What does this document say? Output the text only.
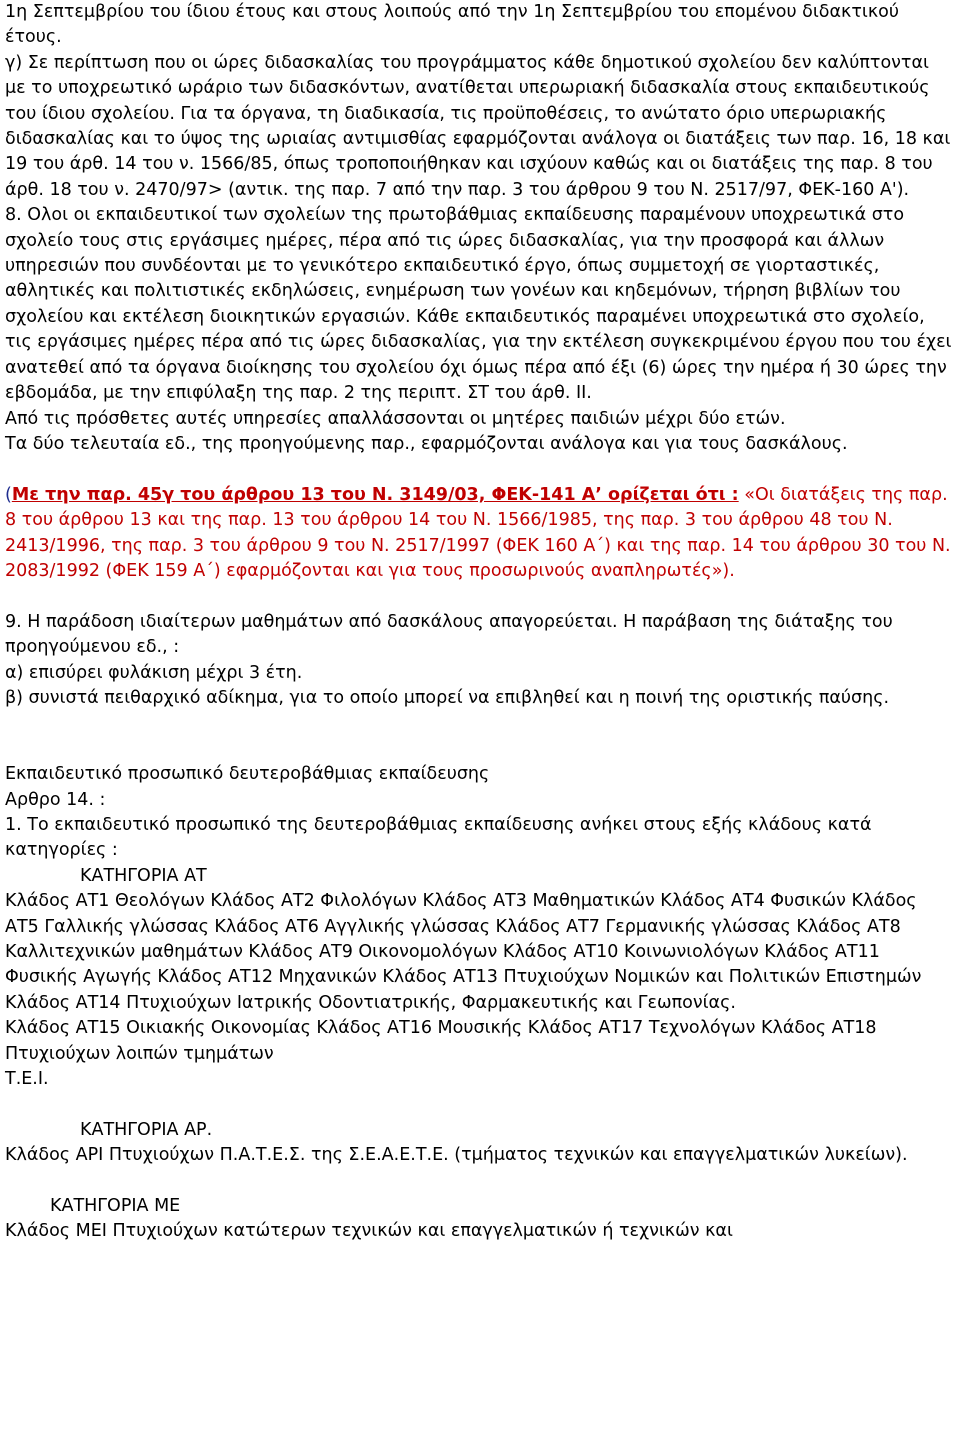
1η Σεπτεμβρίου του ίδιου έτους και στους λοιπούς από την 1η Σεπτεμβρίου του επομένου διδακτικού έτους.

γ) Σε περίπτωση που οι ώρες διδασκαλίας του προγράμματος κάθε δημοτικού σχολείου δεν καλύπτονται με το υποχρεωτικό ωράριο των διδασκόντων, ανατίθεται υπερωριακή διδασκαλία στους εκπαιδευτικούς του ίδιου σχολείου. Για τα όργανα, τη διαδικασία, τις προϋποθέσεις, το ανώτατο όριο υπερωριακής διδασκαλίας και το ύψος της ωριαίας αντιμισθίας εφαρμόζονται ανάλογα οι διατάξεις των παρ. 16, 18 και 19 του άρθ. 14 του ν. 1566/85, όπως τροποποιήθηκαν και ισχύουν καθώς και οι διατάξεις της παρ. 8 του άρθ. 18 του ν. 2470/97> (αντικ. της παρ. 7 από την παρ. 3 του άρθρου 9 του Ν. 2517/97, ΦΕΚ-160 Α').

8. Ολοι οι εκπαιδευτικοί των σχολείων της πρωτοβάθμιας εκπαίδευσης παραμένουν υποχρεωτικά στο σχολείο τους στις εργάσιμες ημέρες, πέρα από τις ώρες διδασκαλίας, για την προσφορά και άλλων υπηρεσιών που συνδέονται με το γενικότερο εκπαιδευτικό έργο, όπως συμμετοχή σε γιορταστικές, αθλητικές και πολιτιστικές εκδηλώσεις, ενημέρωση των γονέων και κηδεμόνων, τήρηση βιβλίων του σχολείου και εκτέλεση διοικητικών εργασιών. Κάθε εκπαιδευτικός παραμένει υποχρεωτικά στο σχολείο, τις εργάσιμες ημέρες πέρα από τις ώρες διδασκαλίας, για την εκτέλεση συγκεκριμένου έργου που του έχει ανατεθεί από τα όργανα διοίκησης του σχολείου όχι όμως πέρα από έξι (6) ώρες την ημέρα ή 30 ώρες την εβδομάδα, με την επιφύλαξη της παρ. 2 της περιπτ. ΣΤ του άρθ. ΙΙ.

Από τις πρόσθετες αυτές υπηρεσίες απαλλάσσονται οι μητέρες παιδιών μέχρι δύο ετών.

Τα δύο τελευταία εδ., της προηγούμενης παρ., εφαρμόζονται ανάλογα και για τους δασκάλους.

(Με την παρ. 45γ του άρθρου 13 του Ν. 3149/03, ΦΕΚ-141 Α’ ορίζεται ότι : «Οι διατάξεις της παρ. 8 του άρθρου 13 και της παρ. 13 του άρθρου 14 του Ν. 1566/1985, της παρ. 3 του άρθρου 48 του Ν. 2413/1996, της παρ. 3 του άρθρου 9 του Ν. 2517/1997 (ΦΕΚ 160 Α΄) και της παρ. 14 του άρθρου 30 του Ν. 2083/1992 (ΦΕΚ 159 Α΄) εφαρμόζονται και για τους προσωρινούς αναπληρωτές»).

9. Η παράδοση ιδιαίτερων μαθημάτων από δασκάλους απαγορεύεται. Η παράβαση της διάταξης του προηγούμενου εδ., :

α) επισύρει φυλάκιση μέχρι 3 έτη.

β) συνιστά πειθαρχικό αδίκημα, για το οποίο μπορεί να επιβληθεί και η ποινή της οριστικής παύσης.

Εκπαιδευτικό προσωπικό δευτεροβάθμιας εκπαίδευσης

Αρθρο 14. :

1. Το εκπαιδευτικό προσωπικό της δευτεροβάθμιας εκπαίδευσης ανήκει στους εξής κλάδους κατά κατηγορίες :

ΚΑΤΗΓΟΡΙΑ ΑΤ

Κλάδος ΑΤ1 Θεολόγων Κλάδος ΑΤ2 Φιλολόγων Κλάδος ΑΤ3 Μαθηματικών Κλάδος ΑΤ4 Φυσικών Κλάδος ΑΤ5 Γαλλικής γλώσσας Κλάδος ΑΤ6 Αγγλικής γλώσσας Κλάδος ΑΤ7 Γερμανικής γλώσσας Κλάδος ΑΤ8 Καλλιτεχνικών μαθημάτων Κλάδος ΑΤ9 Οικονομολόγων Κλάδος ΑΤ10 Κοινωνιολόγων Κλάδος ΑΤ11 Φυσικής Αγωγής Κλάδος ΑΤ12 Μηχανικών Κλάδος ΑΤ13 Πτυχιούχων Νομικών και Πολιτικών Επιστημών Κλάδος ΑΤ14 Πτυχιούχων Ιατρικής Οδοντιατρικής, Φαρμακευτικής και Γεωπονίας.

Κλάδος ΑΤ15 Οικιακής Οικονομίας Κλάδος ΑΤ16 Μουσικής Κλάδος ΑΤ17 Τεχνολόγων Κλάδος ΑΤ18 Πτυχιούχων λοιπών τμημάτων

Τ.Ε.Ι.

ΚΑΤΗΓΟΡΙΑ ΑΡ.

Κλάδος ΑΡΙ Πτυχιούχων Π.Α.Τ.Ε.Σ. της Σ.Ε.Α.Ε.Τ.Ε. (τμήματος τεχνικών και επαγγελματικών λυκείων).

ΚΑΤΗΓΟΡΙΑ ΜΕ

Κλάδος ΜΕΙ Πτυχιούχων κατώτερων τεχνικών και επαγγελματικών ή τεχνικών και
